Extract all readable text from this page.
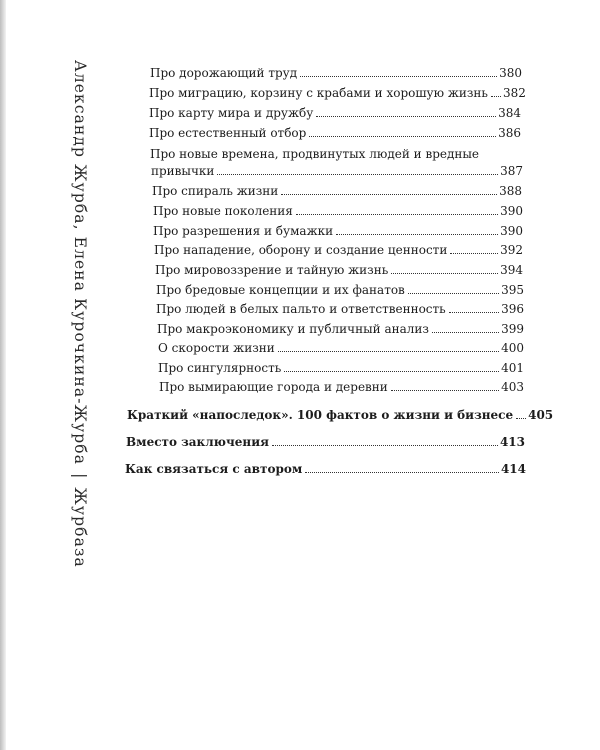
Александр Журба, Елена Курочкина-Журба|Журбаза
Про дорожающий труд	380
Про миграцию, корзину с крабами и хорошую жизнь 382
Про карту мира и дружбу	384
Про естественный отбор	386
Про новые времена, продвинутых людей и вредные
привычки	387
Про спираль жизни	388
Про новые поколения	390
Про разрешения и бумажки	390
Про нападение, оборону и создание ценности	392
Про мировоззрение и тайную жизнь	394
Про бредовые концепции и их фанатов	395
Про людей в белых пальто и ответственность	396
Про макроэкономику и публичный анализ	399
О скорости жизни	400
Про сингулярность	401
Про вымирающие города и деревни	403
Краткий «напоследок». 100 фактов о жизни и бизнесе 405
Вместо заключения	413
Как связаться с автором	414
